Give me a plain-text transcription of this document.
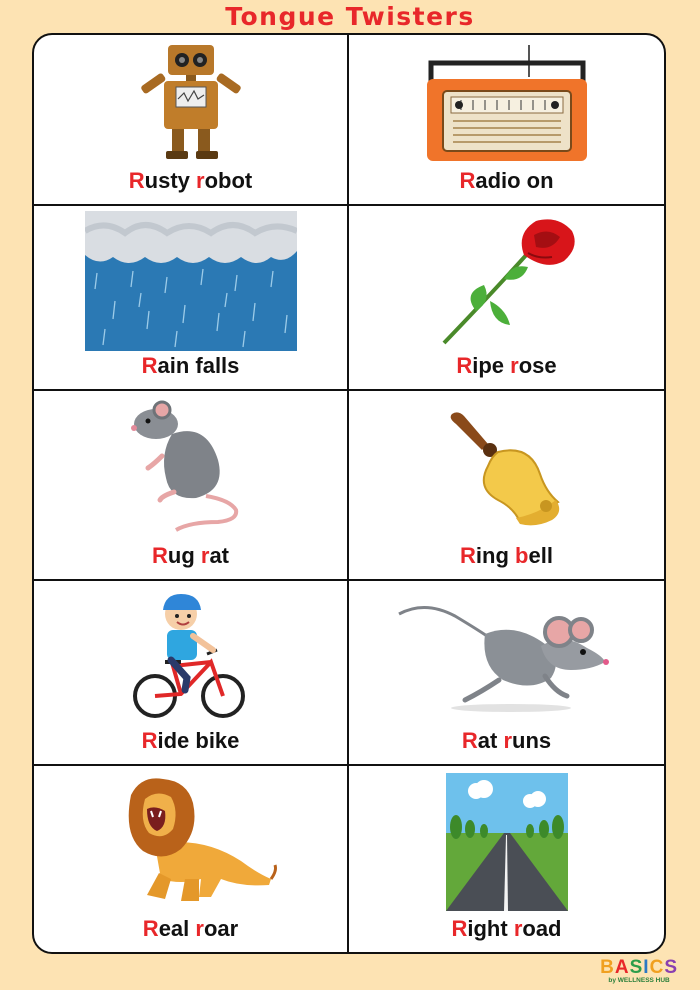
Tongue Twisters
Rusty robot	Radio on
Rain falls	Ripe rose
Rug rat	Ring bell
Ride bike	Rat runs
Real roar	Right road
BASICS
by WELLNESS HUB
